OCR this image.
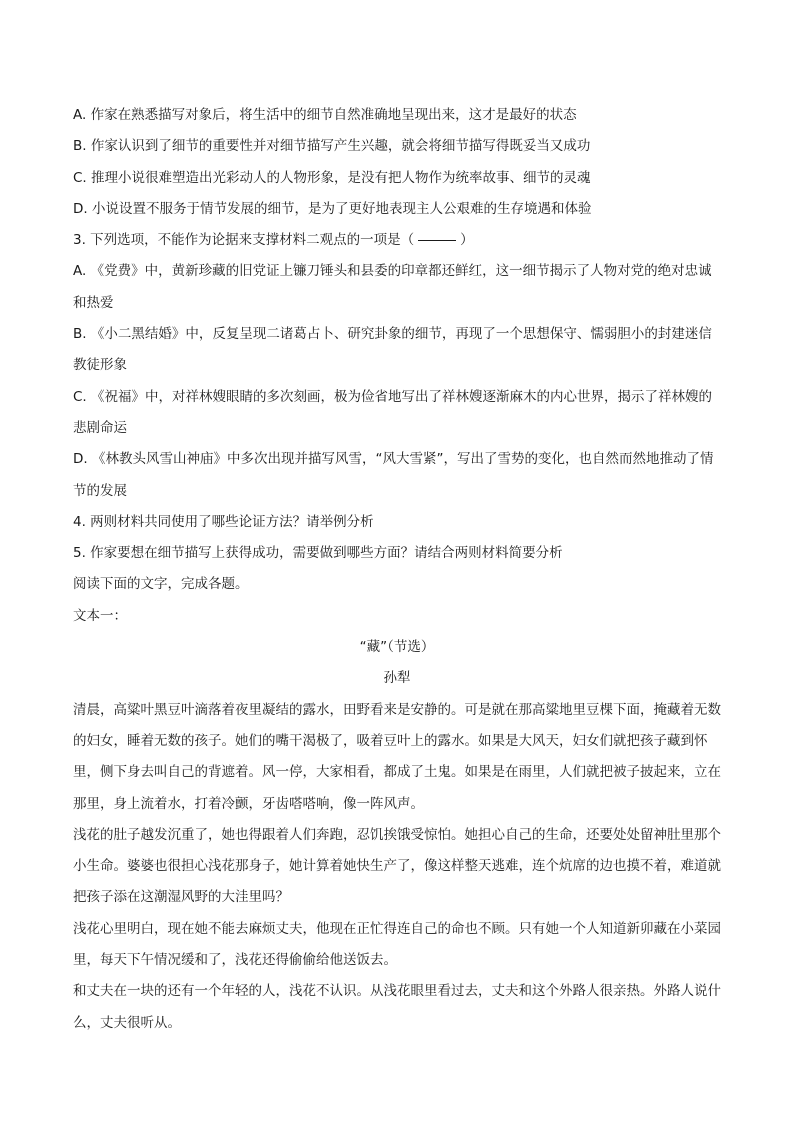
A. 作家在熟悉描写对象后，将生活中的细节自然准确地呈现出来，这才是最好的状态

B. 作家认识到了细节的重要性并对细节描写产生兴趣，就会将细节描写得既妥当又成功

C. 推理小说很难塑造出光彩动人的人物形象，是没有把人物作为统率故事、细节的灵魂

D. 小说设置不服务于情节发展的细节，是为了更好地表现主人公艰难的生存境遇和体验

3. 下列选项，不能作为论据来支撑材料二观点的一项是（	）

A. 《党费》中，黄新珍藏的旧党证上镰刀锤头和县委的印章都还鲜红，这一细节揭示了人物对党的绝对忠诚和热爱

B. 《小二黑结婚》中，反复呈现二诸葛占卜、研究卦象的细节，再现了一个思想保守、懦弱胆小的封建迷信教徒形象

C. 《祝福》中，对祥林嫂眼睛的多次刻画，极为俭省地写出了祥林嫂逐渐麻木的内心世界，揭示了祥林嫂的悲剧命运

D. 《林教头风雪山神庙》中多次出现并描写风雪，“风大雪紧”，写出了雪势的变化，也自然而然地推动了情节的发展

4. 两则材料共同使用了哪些论证方法？请举例分析

5. 作家要想在细节描写上获得成功，需要做到哪些方面？请结合两则材料简要分析

阅读下面的文字，完成各题。

文本一：

“藏”（节选）

孙犁

清晨，高粱叶黑豆叶滴落着夜里凝结的露水，田野看来是安静的。可是就在那高粱地里豆棵下面，掩藏着无数的妇女，睡着无数的孩子。她们的嘴干渴极了，吸着豆叶上的露水。如果是大风天，妇女们就把孩子藏到怀里，侧下身去叫自己的背遮着。风一停，大家相看，都成了土鬼。如果是在雨里，人们就把被子披起来，立在那里，身上流着水，打着冷颤，牙齿嗒嗒响，像一阵风声。

浅花的肚子越发沉重了，她也得跟着人们奔跑，忍饥挨饿受惊怕。她担心自己的生命，还要处处留神肚里那个小生命。婆婆也很担心浅花那身子，她计算着她快生产了，像这样整天逃难，连个炕席的边也摸不着，难道就把孩子添在这潮湿风野的大洼里吗？

浅花心里明白，现在她不能去麻烦丈夫，他现在正忙得连自己的命也不顾。只有她一个人知道新卯藏在小菜园里，每天下午情况缓和了，浅花还得偷偷给他送饭去。

和丈夫在一块的还有一个年轻的人，浅花不认识。从浅花眼里看过去，丈夫和这个外路人很亲热。外路人说什么，丈夫很听从。
